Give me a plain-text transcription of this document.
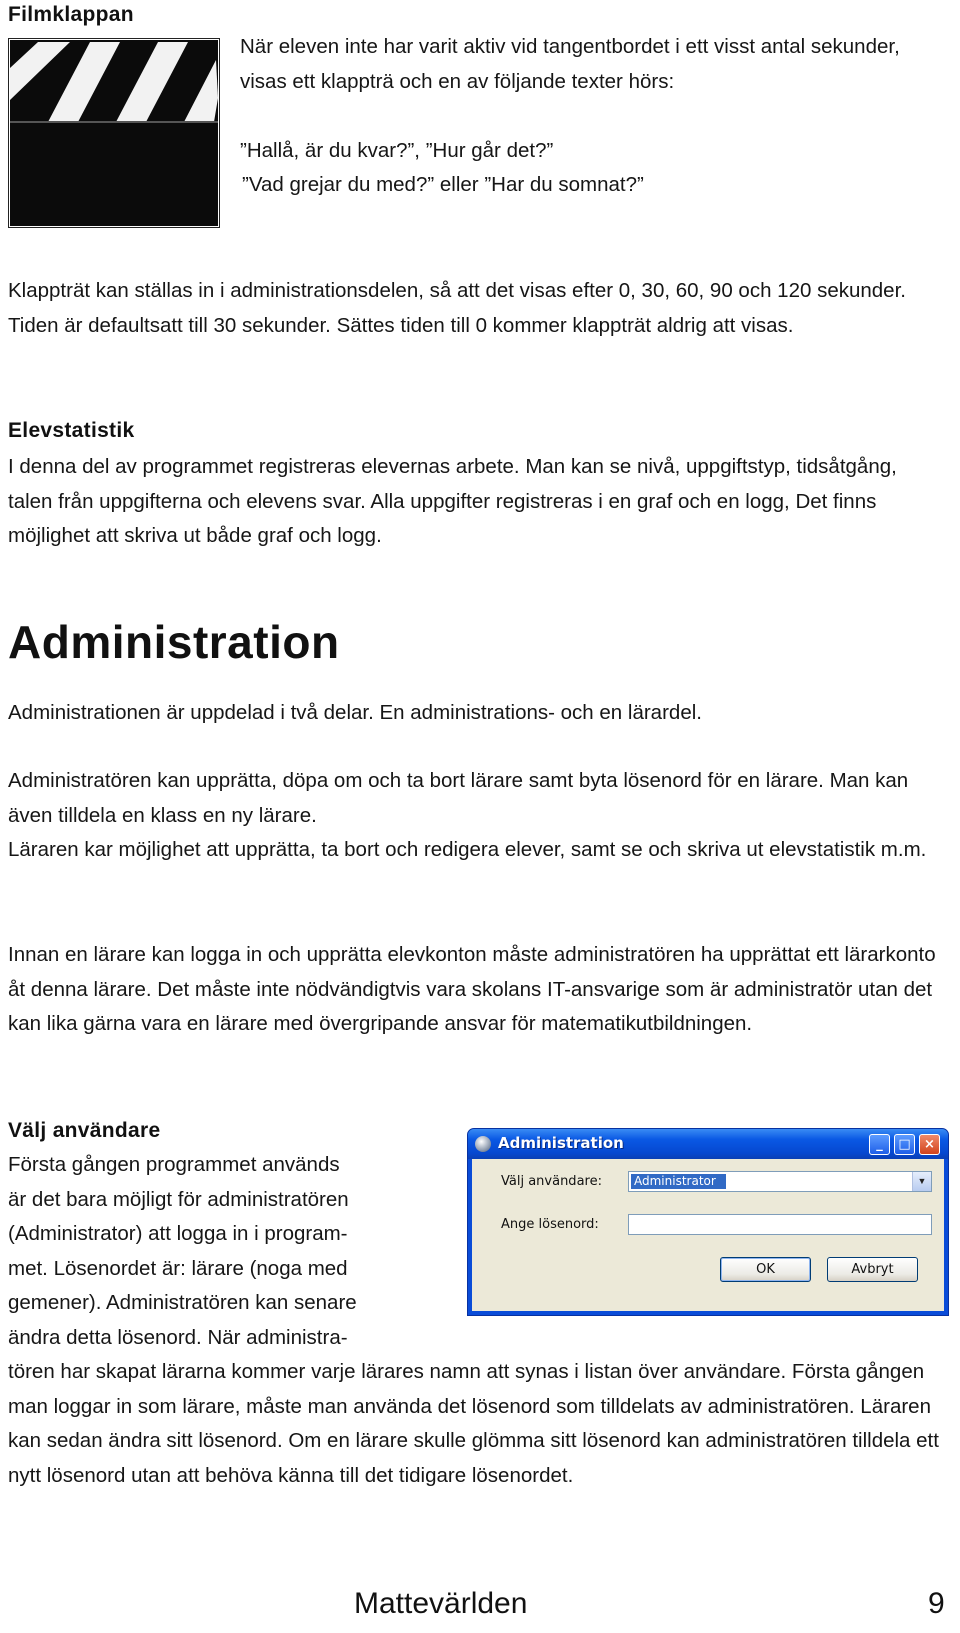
Filmklappan
När eleven inte har varit aktiv vid tangentbordet i ett visst antal sekunder, visas ett klappträ och en av följande texter hörs:
”Hallå, är du kvar?”, ”Hur går det?”
”Vad grejar du med?” eller ”Har du somnat?”
Klappträt kan ställas in i administrationsdelen, så att det visas efter 0, 30, 60, 90 och 120 sekunder. Tiden är defaultsatt till 30 sekunder. Sättes tiden till 0 kommer klappträt aldrig att visas.
Elevstatistik
I denna del av programmet registreras elevernas arbete. Man kan se nivå, uppgiftstyp, tidsåtgång, talen från uppgifterna och elevens svar. Alla uppgifter registreras i en graf och en logg, Det finns möjlighet att skriva ut både graf och logg.
Administration
Administrationen är uppdelad i två delar. En administrations- och en lärardel.
Administratören kan upprätta, döpa om och ta bort lärare samt byta lösenord för en lärare. Man kan även tilldela en klass en ny lärare.
Läraren kar möjlighet att upprätta, ta bort och redigera elever, samt se och skriva ut elevstatistik m.m.
Innan en lärare kan logga in och upprätta elevkonton måste administratören ha upprättat ett lärarkonto åt denna lärare. Det måste inte nödvändigtvis vara skolans IT-ansvarige som är administratör utan det kan lika gärna vara en lärare med övergripande ansvar för matematikutbildningen.
Välj användare
Första gången programmet används
är det bara möjligt för administratören
(Administrator) att logga in i program-
met. Lösenordet är: lärare (noga med
gemener). Administratören kan senare
ändra detta lösenord. När administra-
tören har skapat lärarna kommer varje lärares namn att synas i listan över användare. Första gången man loggar in som lärare, måste man använda det lösenord som tilldelats av administratören. Läraren kan sedan ändra sitt lösenord. Om en lärare skulle glömma sitt lösenord kan administratören tilldela ett nytt lösenord utan att behöva känna till det tidigare lösenordet.
Administration	_	□	×
Välj användare:	Administrator	▼
Ange lösenord:
OK	Avbryt
Mattevärlden	9
